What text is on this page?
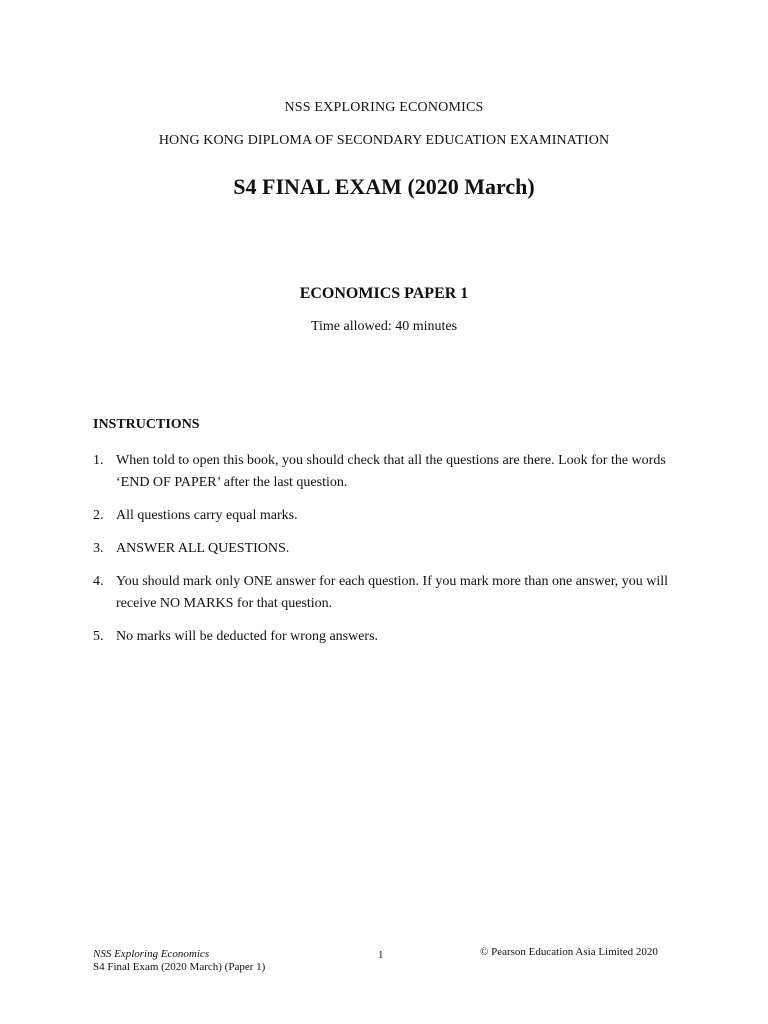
NSS EXPLORING ECONOMICS
HONG KONG DIPLOMA OF SECONDARY EDUCATION EXAMINATION
S4 FINAL EXAM (2020 March)
ECONOMICS PAPER 1
Time allowed: 40 minutes
INSTRUCTIONS
1. When told to open this book, you should check that all the questions are there. Look for the words ‘END OF PAPER’ after the last question.
2. All questions carry equal marks.
3. ANSWER ALL QUESTIONS.
4. You should mark only ONE answer for each question. If you mark more than one answer, you will receive NO MARKS for that question.
5. No marks will be deducted for wrong answers.
NSS Exploring Economics
S4 Final Exam (2020 March) (Paper 1)
1	© Pearson Education Asia Limited 2020
